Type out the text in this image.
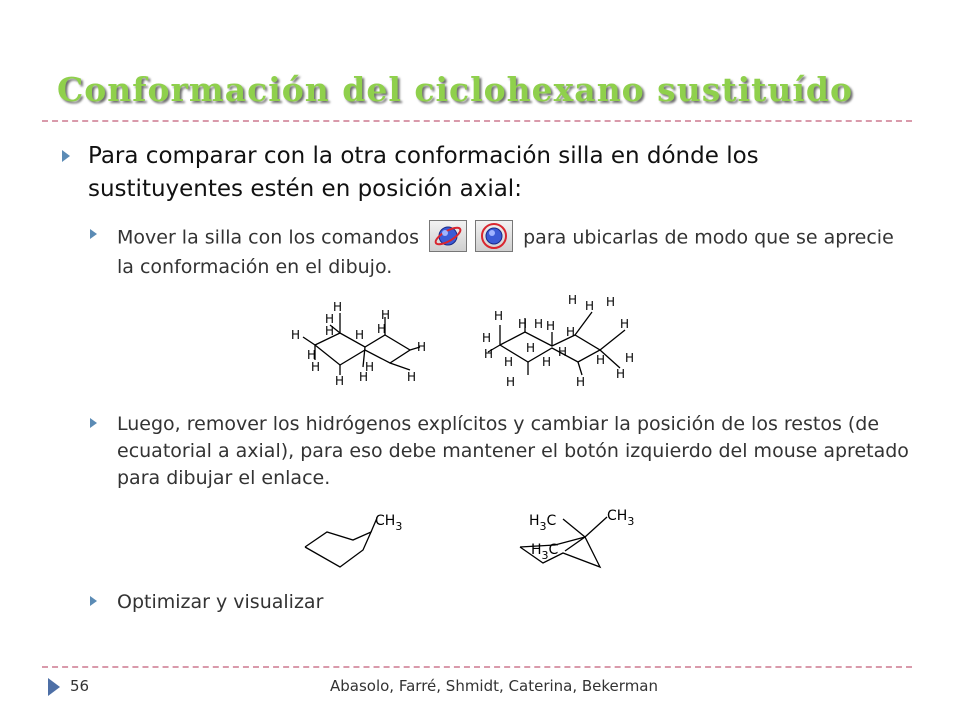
Conformación del ciclohexano sustituído
Para comparar con la otra conformación silla en dónde los sustituyentes estén en posición axial:
Mover la silla con los comandos	para ubicarlas de modo que se aprecie la conformación en el dibujo.
H
H
H
H
H H
H
H
H
H
H
H
H
H
H
H
H
H
H H
H
H
H H
H H H
H
H
H
H
H
H
H
Luego, remover los hidrógenos explícitos y cambiar la posición de los restos (de ecuatorial a axial), para eso debe mantener el botón izquierdo del mouse apretado para dibujar el enlace.
$CH_3$	$H_3C$	$CH_3$
$H_3C$
Optimizar y visualizar
56	Abasolo, Farré, Shmidt, Caterina, Bekerman
